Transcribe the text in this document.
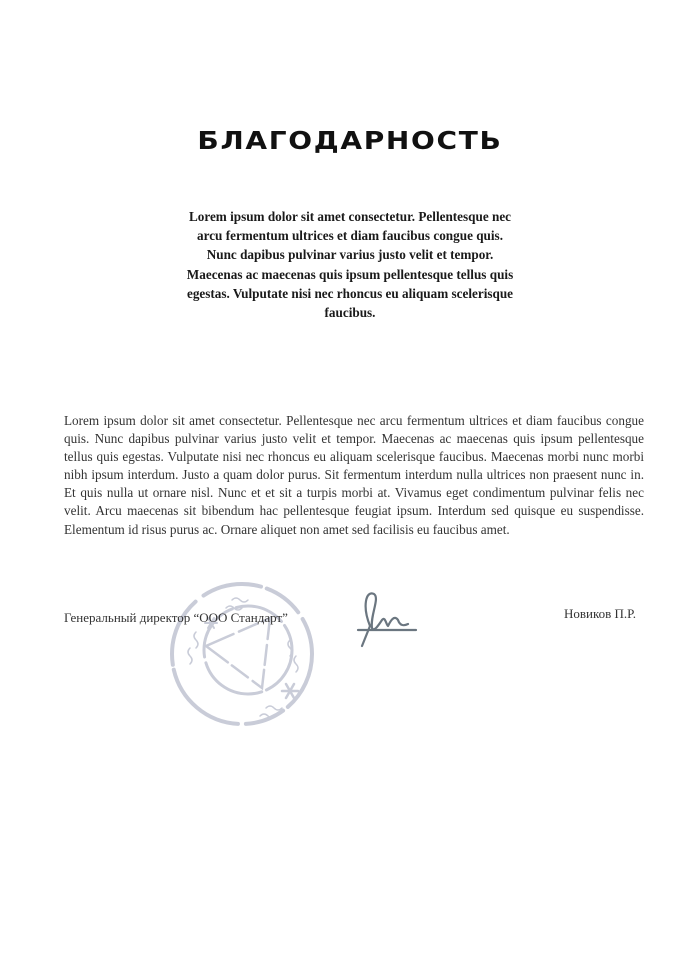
БЛАГОДАРНОСТЬ
Lorem ipsum dolor sit amet consectetur. Pellentesque nec arcu fermentum ultrices et diam faucibus congue quis. Nunc dapibus pulvinar varius justo velit et tempor. Maecenas ac maecenas quis ipsum pellentesque tellus quis egestas. Vulputate nisi nec rhoncus eu aliquam scelerisque faucibus.
Lorem ipsum dolor sit amet consectetur. Pellentesque nec arcu fermentum ultrices et diam faucibus congue quis. Nunc dapibus pulvinar varius justo velit et tempor. Maecenas ac maecenas quis ipsum pellentesque tellus quis egestas. Vulputate nisi nec rhoncus eu aliquam scelerisque faucibus. Maecenas morbi nunc morbi nibh ipsum interdum. Justo a quam dolor purus. Sit fermentum interdum nulla ultrices non praesent nunc in. Et quis nulla ut ornare nisl. Nunc et et sit a turpis morbi at. Vivamus eget condimentum pulvinar felis nec velit. Arcu maecenas sit bibendum hac pellentesque feugiat ipsum. Interdum sed quisque eu suspendisse. Elementum id risus purus ac. Ornare aliquet non amet sed facilisis eu faucibus amet.
Генеральный директор “ООО Стандарт”	Новиков П.Р.
